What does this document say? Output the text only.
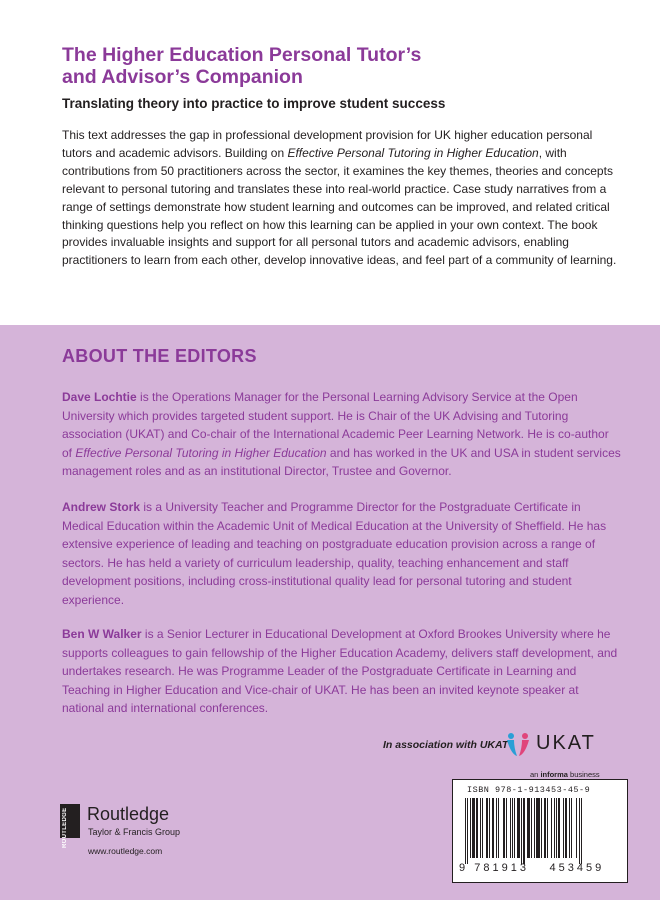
The Higher Education Personal Tutor’s
and Advisor’s Companion
Translating theory into practice to improve student success

This text addresses the gap in professional development provision for UK higher education personal tutors and academic advisors. Building on Effective Personal Tutoring in Higher Education, with contributions from 50 practitioners across the sector, it examines the key themes, theories and concepts relevant to personal tutoring and translates these into real-world practice. Case study narratives from a range of settings demonstrate how student learning and outcomes can be improved, and related critical thinking questions help you reflect on how this learning can be applied in your own context. The book provides invaluable insights and support for all personal tutors and academic advisors, enabling practitioners to learn from each other, develop innovative ideas, and feel part of a community of learning.

ABOUT THE EDITORS

Dave Lochtie is the Operations Manager for the Personal Learning Advisory Service at the Open University which provides targeted student support. He is Chair of the UK Advising and Tutoring association (UKAT) and Co-chair of the International Academic Peer Learning Network. He is co-author of Effective Personal Tutoring in Higher Education and has worked in the UK and USA in student services management roles and as an institutional Director, Trustee and Governor.

Andrew Stork is a University Teacher and Programme Director for the Postgraduate Certificate in Medical Education within the Academic Unit of Medical Education at the University of Sheffield. He has extensive experience of leading and teaching on postgraduate education provision across a range of sectors. He has held a variety of curriculum leadership, quality, teaching enhancement and staff development positions, including cross-institutional quality lead for personal tutoring and student experience.

Ben W Walker is a Senior Lecturer in Educational Development at Oxford Brookes University where he supports colleagues to gain fellowship of the Higher Education Academy, delivers staff development, and undertakes research. He was Programme Leader of the Postgraduate Certificate in Learning and Teaching in Higher Education and Vice-chair of UKAT. He has been an invited keynote speaker at national and international conferences.

In association with UKAT UKAT
an informa business
ISBN 978-1-913453-45-9
9 781913 453459
ROUTLEDGE	Routledge
Taylor & Francis Group
www.routledge.com
